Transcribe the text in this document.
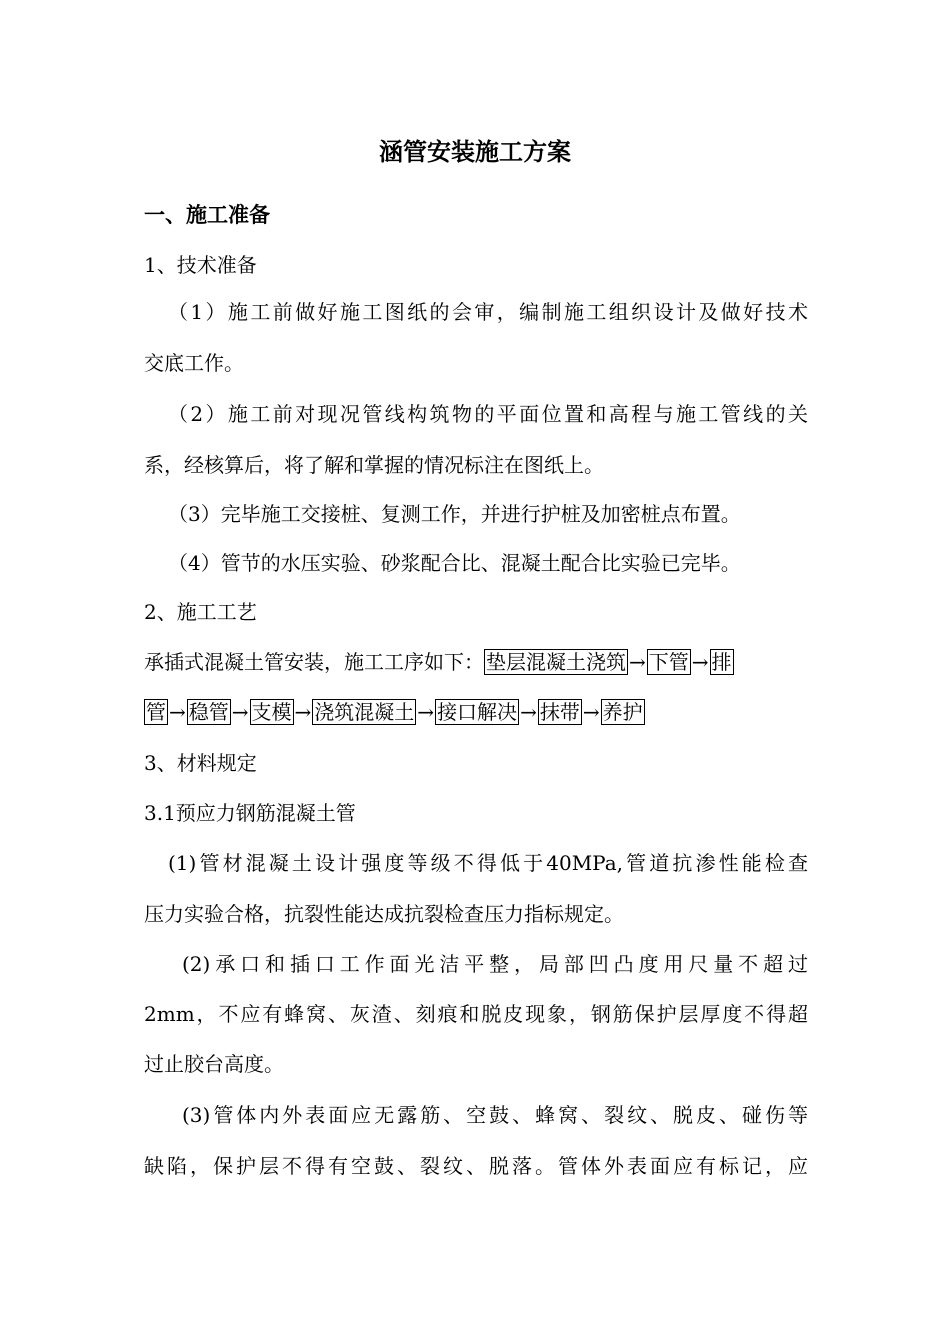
涵管安装施工方案
一、施工准备
1、技术准备
（1）施工前做好施工图纸的会审，编制施工组织设计及做好技术
交底工作。
（2）施工前对现况管线构筑物的平面位置和高程与施工管线的关
系，经核算后，将了解和掌握的情况标注在图纸上。
（3）完毕施工交接桩、复测工作，并进行护桩及加密桩点布置。
（4）管节的水压实验、砂浆配合比、混凝土配合比实验已完毕。
2、施工工艺
承插式混凝土管安装，施工工序如下： 垫层混凝土浇筑 → 下管 → 排
管 → 稳管 → 支模 → 浇筑混凝土 → 接口解决 → 抹带 → 养护
3、材料规定
3.1预应力钢筋混凝土管
(1)管材混凝土设计强度等级不得低于40MPa,管道抗渗性能检查
压力实验合格，抗裂性能达成抗裂检查压力指标规定。
(2)承口和插口工作面光洁平整，局部凹凸度用尺量不超过
2mm，不应有蜂窝、灰渣、刻痕和脱皮现象，钢筋保护层厚度不得超
过止胶台高度。
(3)管体内外表面应无露筋、空鼓、蜂窝、裂纹、脱皮、碰伤等
缺陷，保护层不得有空鼓、裂纹、脱落。管体外表面应有标记，应
